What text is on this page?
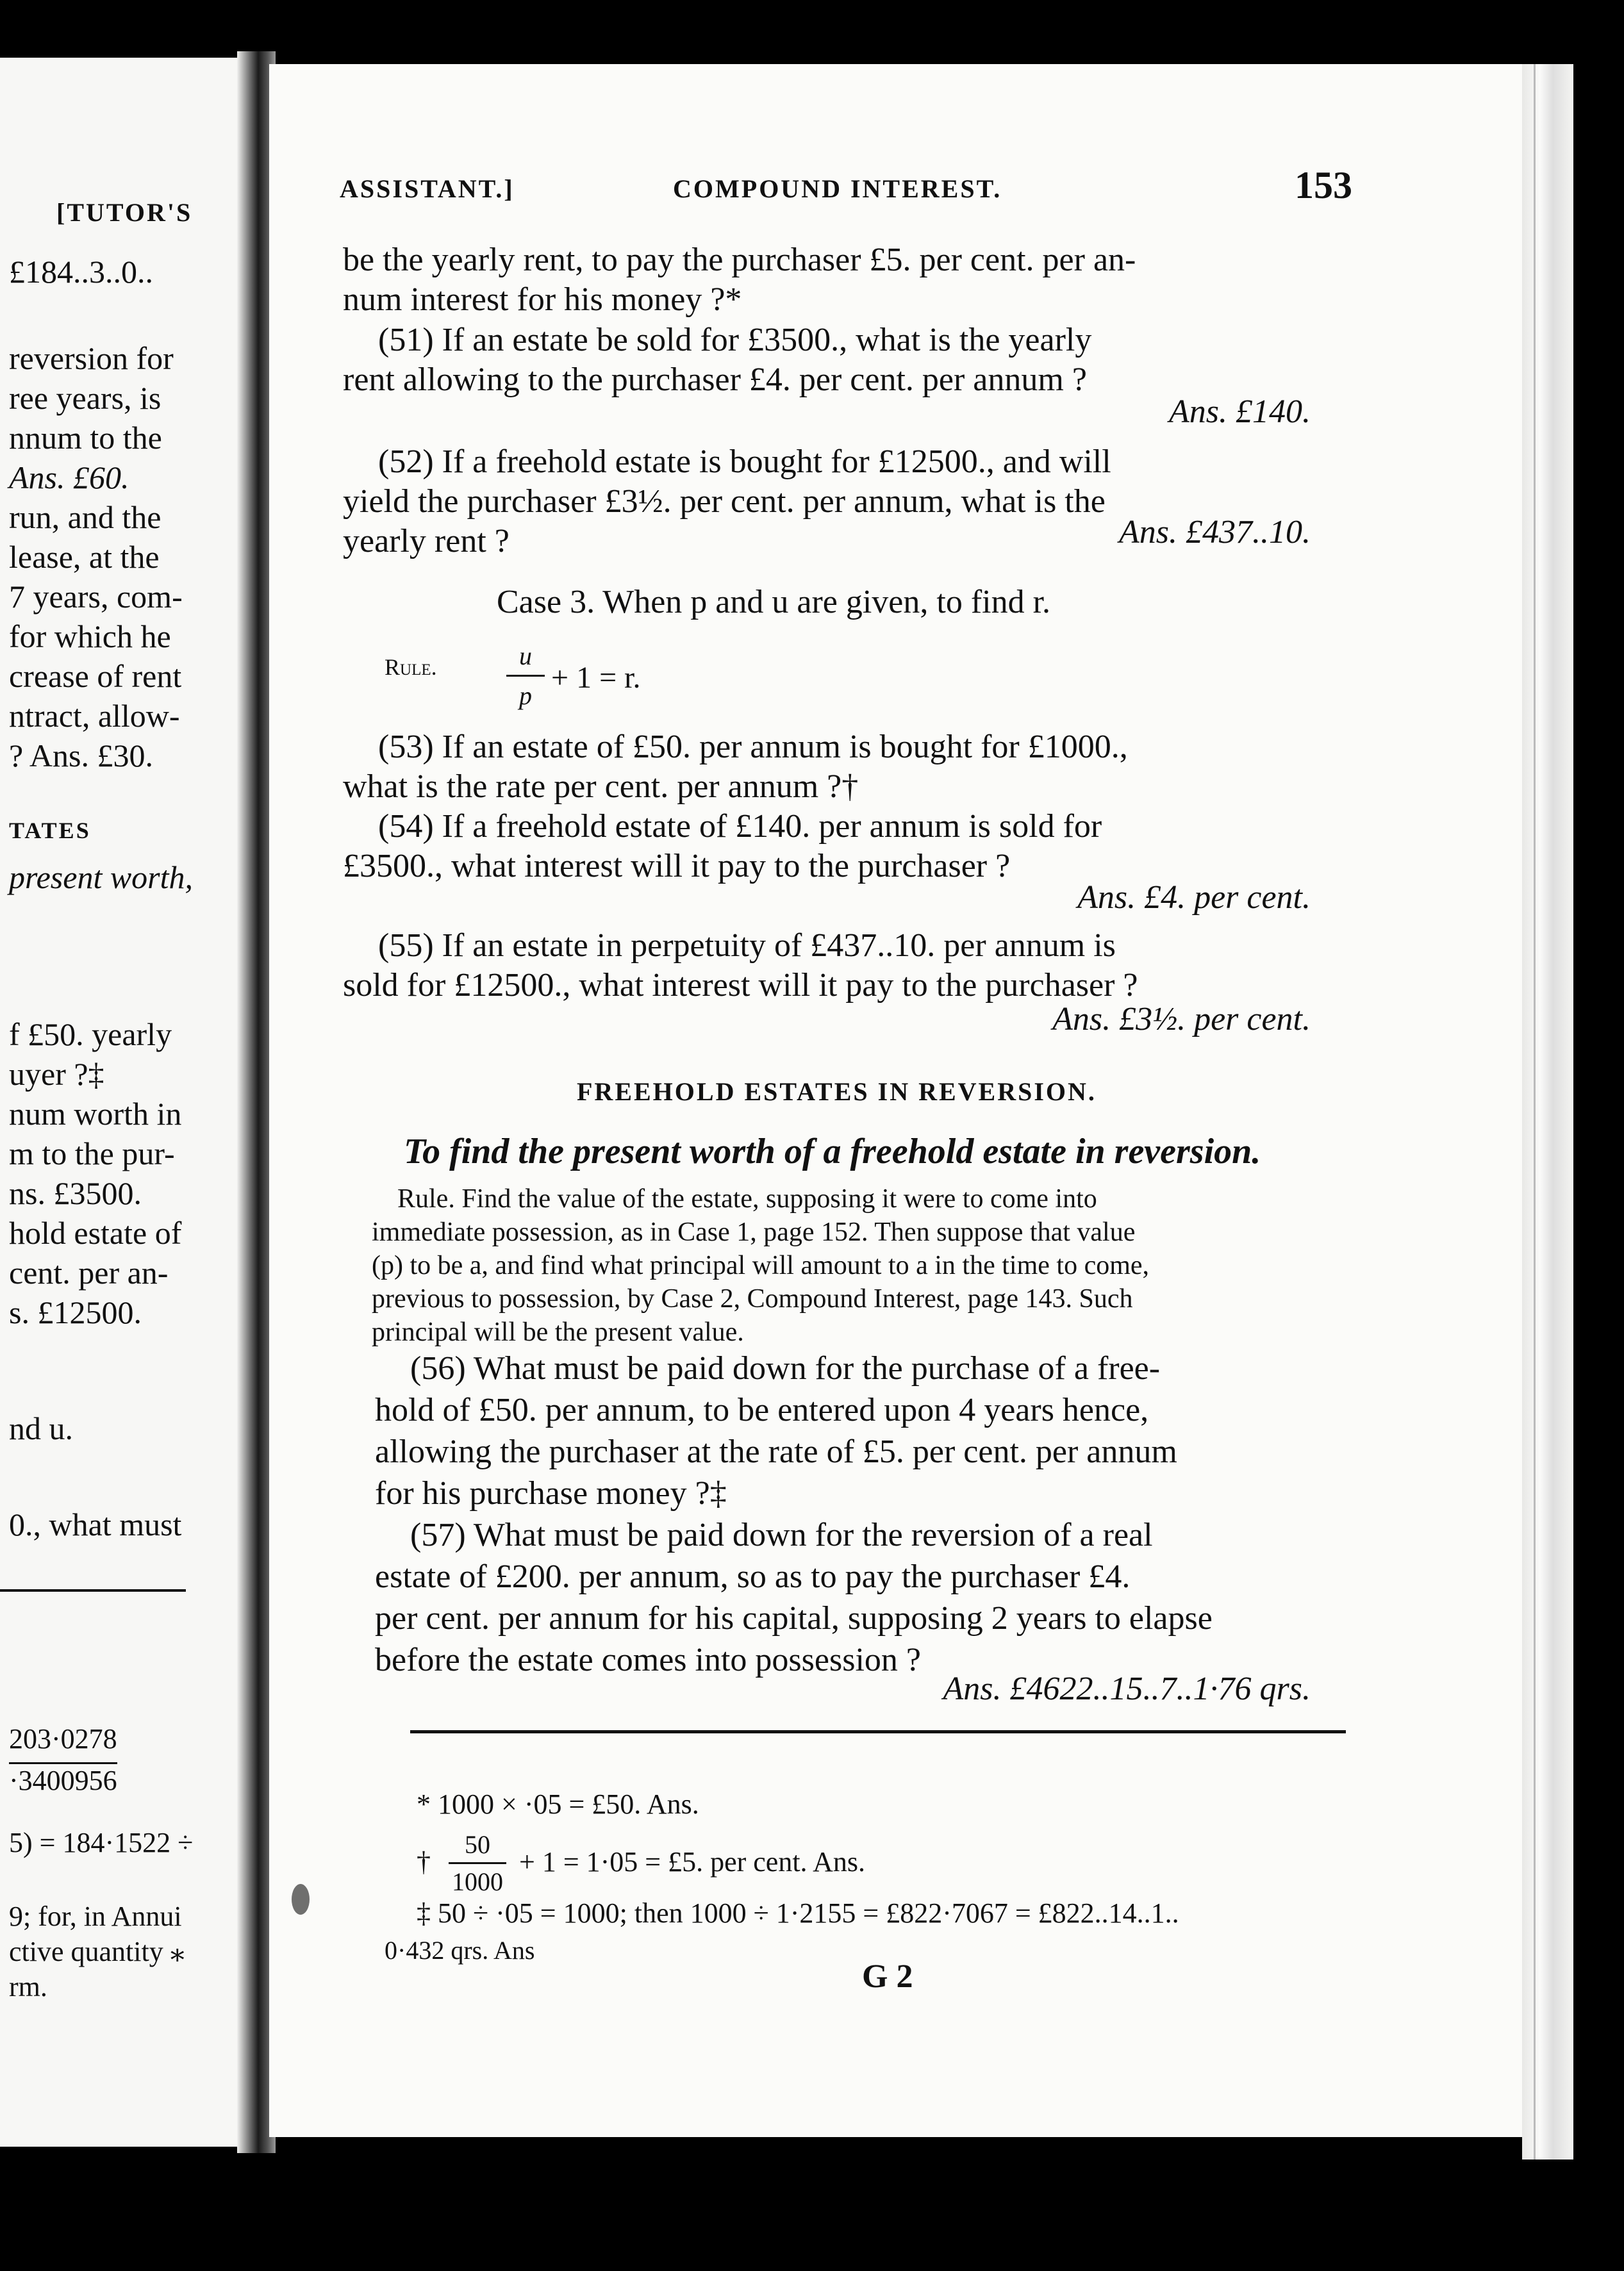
[TUTOR'S
£184..3..0..
reversion for
ree years, is
nnum to the
Ans. £60.
run, and the
lease, at the
7 years, com-
for which he
crease of rent
ntract, allow-
? Ans. £30.
TATES
present worth,
f £50. yearly
uyer ?‡
num worth in
m to the pur-
ns. £3500.
hold estate of
cent. per an-
s. £12500.
nd u.
0., what must
203·0278
·3400956
5) = 184·1522 ÷
9; for, in Annui
ctive quantity ⁎
rm.
ASSISTANT.]	COMPOUND INTEREST.	153
be the yearly rent, to pay the purchaser £5. per cent. per an-
num interest for his money ?*
(51) If an estate be sold for £3500., what is the yearly
rent allowing to the purchaser £4. per cent. per annum ?
Ans. £140.
(52) If a freehold estate is bought for £12500., and will
yield the purchaser £3½. per cent. per annum, what is the
yearly rent ?	Ans. £437..10.
Case 3. When p and u are given, to find r.
Rule.	u
p
+ 1 = r.
(53) If an estate of £50. per annum is bought for £1000.,
what is the rate per cent. per annum ?†
(54) If a freehold estate of £140. per annum is sold for
£3500., what interest will it pay to the purchaser ?
Ans. £4. per cent.
(55) If an estate in perpetuity of £437..10. per annum is
sold for £12500., what interest will it pay to the purchaser ?
Ans. £3½. per cent.
FREEHOLD ESTATES IN REVERSION.
To find the present worth of a freehold estate in reversion.
Rule. Find the value of the estate, supposing it were to come into
immediate possession, as in Case 1, page 152. Then suppose that value
(p) to be a, and find what principal will amount to a in the time to come,
previous to possession, by Case 2, Compound Interest, page 143. Such
principal will be the present value.
(56) What must be paid down for the purchase of a free-
hold of £50. per annum, to be entered upon 4 years hence,
allowing the purchaser at the rate of £5. per cent. per annum
for his purchase money ?‡
(57) What must be paid down for the reversion of a real
estate of £200. per annum, so as to pay the purchaser £4.
per cent. per annum for his capital, supposing 2 years to elapse
before the estate comes into possession ?
Ans. £4622..15..7..1·76 qrs.
* 1000 × ·05 = £50. Ans.
†
50
1000
+ 1 = 1·05 = £5. per cent. Ans.
‡ 50 ÷ ·05 = 1000; then 1000 ÷ 1·2155 = £822·7067 = £822..14..1..
0·432 qrs. Ans
G 2
